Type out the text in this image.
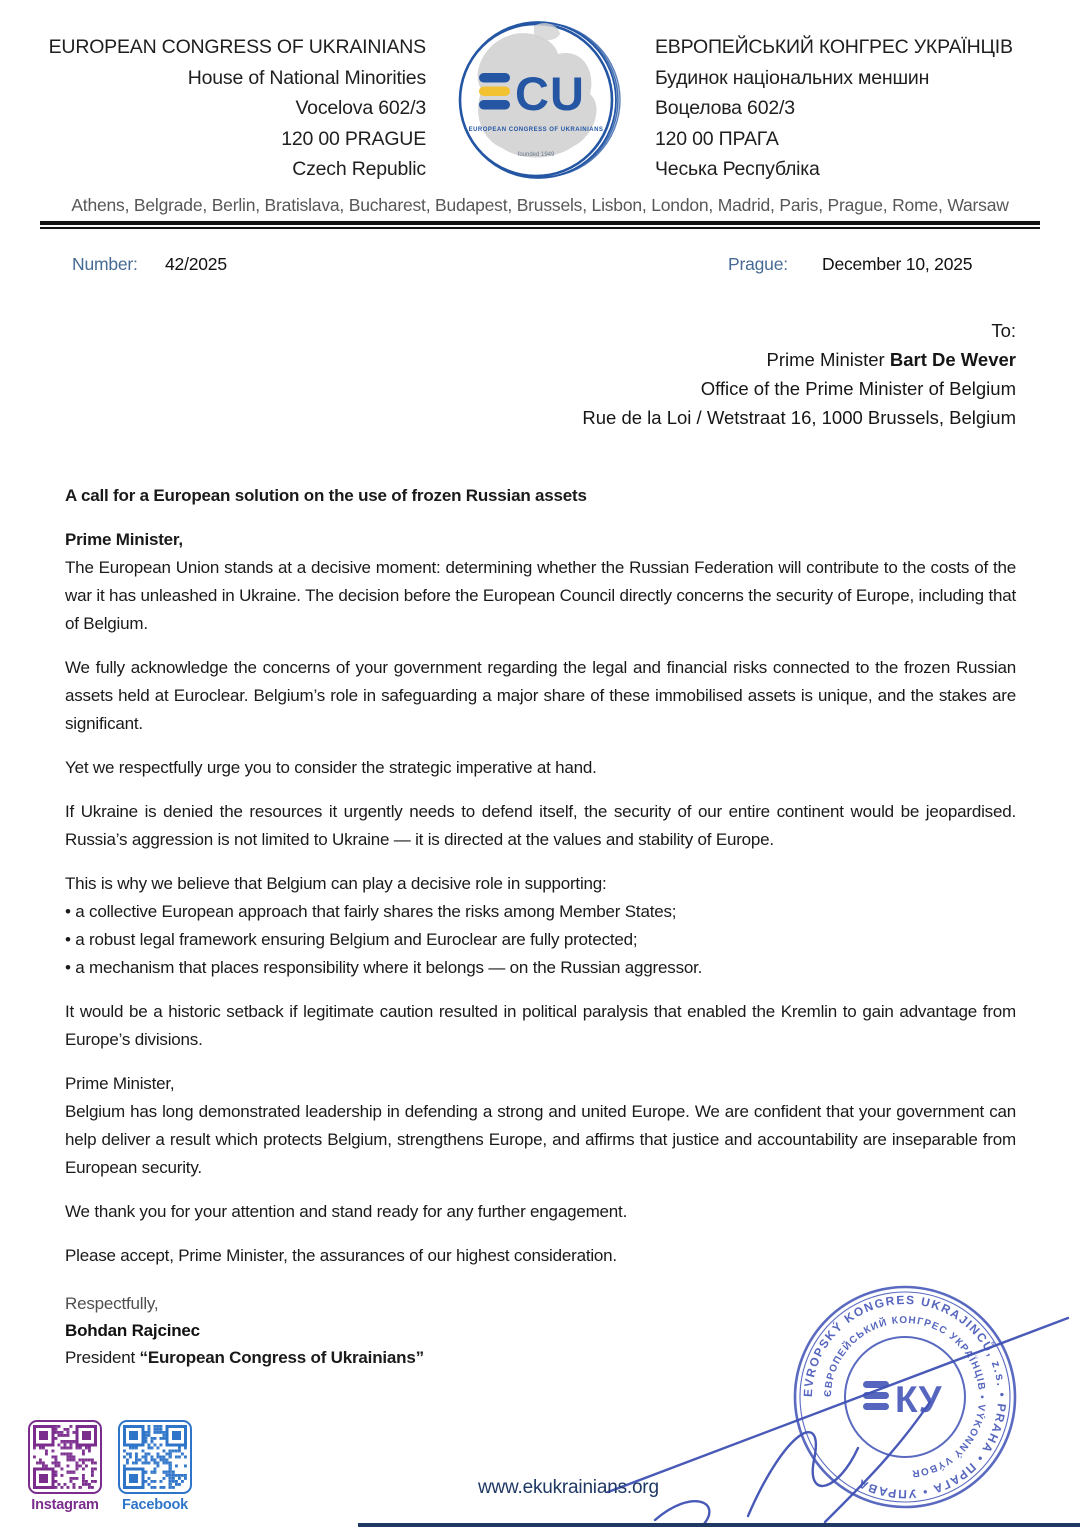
EUROPEAN CONGRESS OF UKRAINIANS
House of National Minorities
Vocelova 602/3
120 00 PRAGUE
Czech Republic
CU
EUROPEAN CONGRESS OF UKRAINIANS
founded 1949
ЕВРОПЕЙСЬКИЙ КОНГРЕС УКРАЇНЦІВ
Будинок національних меншин
Воцелова 602/3
120 00 ПРАГА
Чеська Республіка
Athens, Belgrade, Berlin, Bratislava, Bucharest, Budapest, Brussels, Lisbon, London, Madrid, Paris, Prague, Rome, Warsaw
Number: 42/2025	Prague: December 10, 2025
To:
Prime Minister Bart De Wever
Office of the Prime Minister of Belgium
Rue de la Loi / Wetstraat 16, 1000 Brussels, Belgium
A call for a European solution on the use of frozen Russian assets
Prime Minister,
The European Union stands at a decisive moment: determining whether the Russian Federation will contribute to the costs of the war it has unleashed in Ukraine. The decision before the European Council directly concerns the security of Europe, including that of Belgium.
We fully acknowledge the concerns of your government regarding the legal and financial risks connected to the frozen Russian assets held at Euroclear. Belgium’s role in safeguarding a major share of these immobilised assets is unique, and the stakes are significant.
Yet we respectfully urge you to consider the strategic imperative at hand.
If Ukraine is denied the resources it urgently needs to defend itself, the security of our entire continent would be jeopardised. Russia’s aggression is not limited to Ukraine — it is directed at the values and stability of Europe.
This is why we believe that Belgium can play a decisive role in supporting:
• a collective European approach that fairly shares the risks among Member States;
• a robust legal framework ensuring Belgium and Euroclear are fully protected;
• a mechanism that places responsibility where it belongs — on the Russian aggressor.
It would be a historic setback if legitimate caution resulted in political paralysis that enabled the Kremlin to gain advantage from Europe’s divisions.
Prime Minister,
Belgium has long demonstrated leadership in defending a strong and united Europe. We are confident that your government can help deliver a result which protects Belgium, strengthens Europe, and affirms that justice and accountability are inseparable from European security.
We thank you for your attention and stand ready for any further engagement.
Please accept, Prime Minister, the assurances of our highest consideration.
Respectfully,
Bohdan Rajcinec
President “European Congress of Ukrainians”
EVROPSKÝ KONGRES UKRAJINCŮ, z.s. • PRAHA • ПРАГА • УПРАВА
ЄВРОПЕЙСЬКИЙ КОНГРЕС УКРАЇНЦІВ • VÝKONNÝ VÝBOR
КУ
Instagram Facebook
www.ekukrainians.org
